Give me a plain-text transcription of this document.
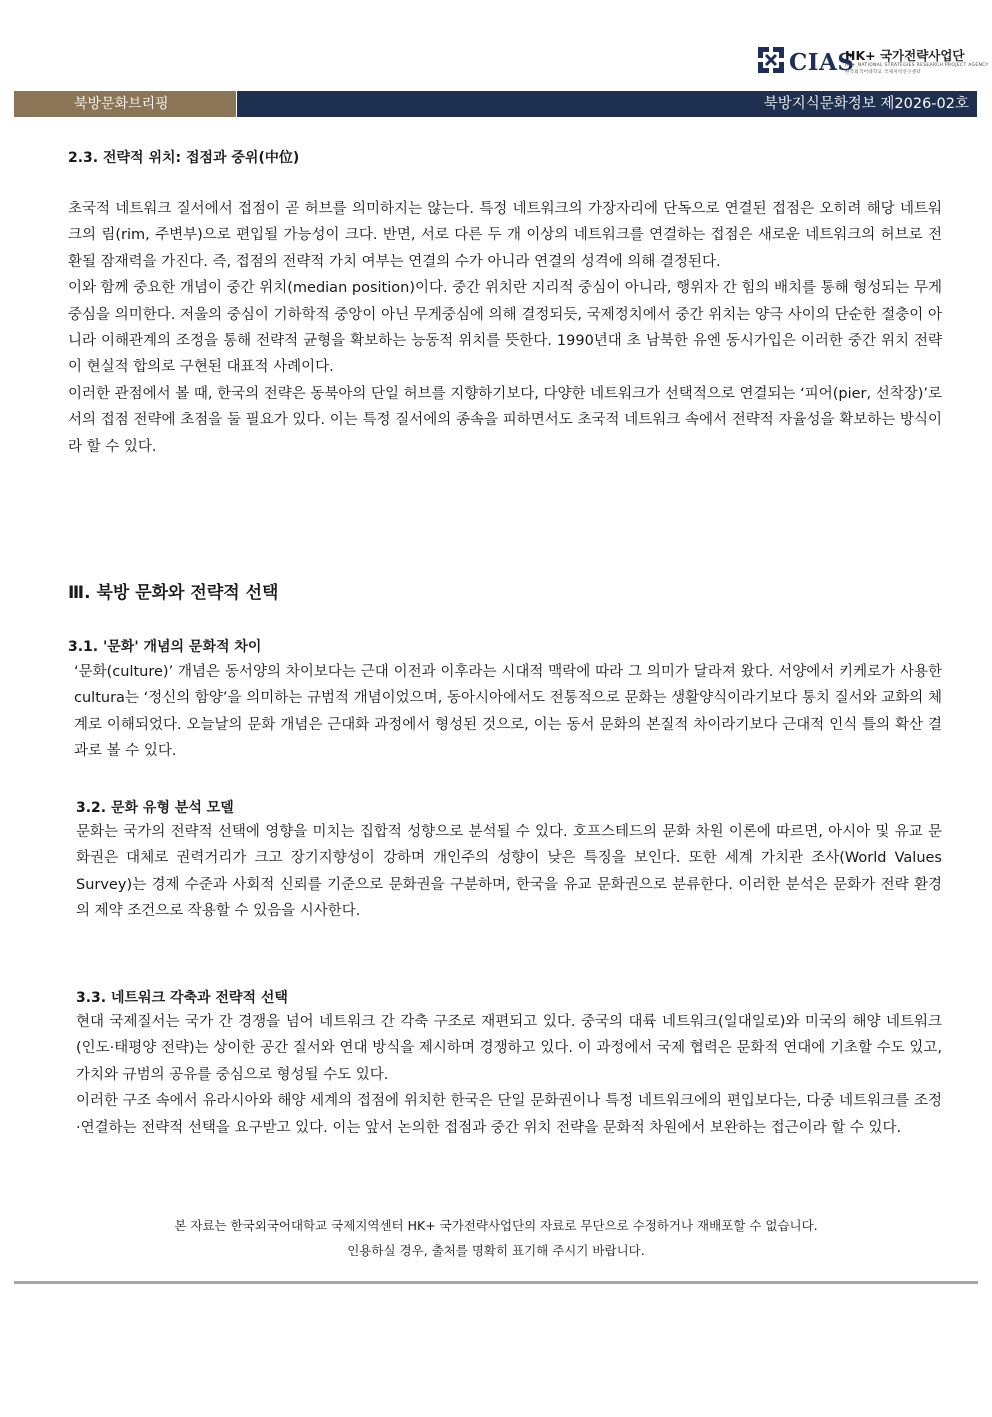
CIAS
HK+ 국가전략사업단
HK+ NATIONAL STRATEGIES RESEARCH PROJECT AGENCY
한국외국어대학교 국제지역연구센터
북방문화브리핑	북방지식문화정보 제2026-02호
2.3. 전략적 위치: 접점과 중위(中位)

초국적 네트워크 질서에서 접점이 곧 허브를 의미하지는 않는다. 특정 네트워크의 가장자리에 단독으로 연결된 접점은 오히려 해당 네트워크의 림(rim, 주변부)으로 편입될 가능성이 크다. 반면, 서로 다른 두 개 이상의 네트워크를 연결하는 접점은 새로운 네트워크의 허브로 전환될 잠재력을 가진다. 즉, 접점의 전략적 가치 여부는 연결의 수가 아니라 연결의 성격에 의해 결정된다.

이와 함께 중요한 개념이 중간 위치(median position)이다. 중간 위치란 지리적 중심이 아니라, 행위자 간 힘의 배치를 통해 형성되는 무게중심을 의미한다. 저울의 중심이 기하학적 중앙이 아닌 무게중심에 의해 결정되듯, 국제정치에서 중간 위치는 양극 사이의 단순한 절충이 아니라 이해관계의 조정을 통해 전략적 균형을 확보하는 능동적 위치를 뜻한다. 1990년대 초 남북한 유엔 동시가입은 이러한 중간 위치 전략이 현실적 합의로 구현된 대표적 사례이다.

이러한 관점에서 볼 때, 한국의 전략은 동북아의 단일 허브를 지향하기보다, 다양한 네트워크가 선택적으로 연결되는 ‘피어(pier, 선착장)’로서의 접점 전략에 초점을 둘 필요가 있다. 이는 특정 질서에의 종속을 피하면서도 초국적 네트워크 속에서 전략적 자율성을 확보하는 방식이라 할 수 있다.

Ⅲ. 북방 문화와 전략적 선택
3.1. '문화' 개념의 문화적 차이

‘문화(culture)’ 개념은 동서양의 차이보다는 근대 이전과 이후라는 시대적 맥락에 따라 그 의미가 달라져 왔다. 서양에서 키케로가 사용한 cultura는 ‘정신의 함양’을 의미하는 규범적 개념이었으며, 동아시아에서도 전통적으로 문화는 생활양식이라기보다 통치 질서와 교화의 체계로 이해되었다. 오늘날의 문화 개념은 근대화 과정에서 형성된 것으로, 이는 동서 문화의 본질적 차이라기보다 근대적 인식 틀의 확산 결과로 볼 수 있다.

3.2. 문화 유형 분석 모델

문화는 국가의 전략적 선택에 영향을 미치는 집합적 성향으로 분석될 수 있다. 호프스테드의 문화 차원 이론에 따르면, 아시아 및 유교 문화권은 대체로 권력거리가 크고 장기지향성이 강하며 개인주의 성향이 낮은 특징을 보인다. 또한 세계 가치관 조사(World Values Survey)는 경제 수준과 사회적 신뢰를 기준으로 문화권을 구분하며, 한국을 유교 문화권으로 분류한다. 이러한 분석은 문화가 전략 환경의 제약 조건으로 작용할 수 있음을 시사한다.

3.3. 네트워크 각축과 전략적 선택

현대 국제질서는 국가 간 경쟁을 넘어 네트워크 간 각축 구조로 재편되고 있다. 중국의 대륙 네트워크(일대일로)와 미국의 해양 네트워크(인도·태평양 전략)는 상이한 공간 질서와 연대 방식을 제시하며 경쟁하고 있다. 이 과정에서 국제 협력은 문화적 연대에 기초할 수도 있고, 가치와 규범의 공유를 중심으로 형성될 수도 있다.

이러한 구조 속에서 유라시아와 해양 세계의 접점에 위치한 한국은 단일 문화권이나 특정 네트워크에의 편입보다는, 다중 네트워크를 조정·연결하는 전략적 선택을 요구받고 있다. 이는 앞서 논의한 접점과 중간 위치 전략을 문화적 차원에서 보완하는 접근이라 할 수 있다.

본 자료는 한국외국어대학교 국제지역센터 HK+ 국가전략사업단의 자료로 무단으로 수정하거나 재배포할 수 없습니다.
인용하실 경우, 출처를 명확히 표기해 주시기 바랍니다.
